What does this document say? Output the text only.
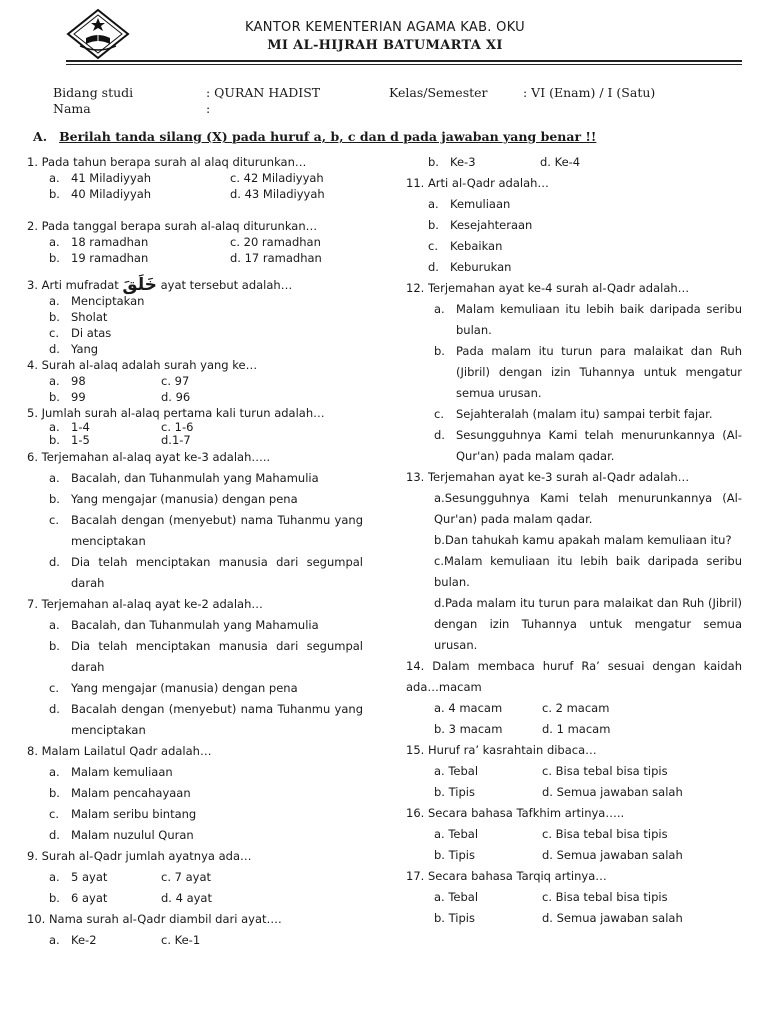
KANTOR KEMENTERIAN AGAMA KAB. OKU
MI AL-HIJRAH BATUMARTA XI
Bidang studi	: QURAN HADIST
Nama	:
Kelas/Semester	: VI (Enam) / I (Satu)
A. Berilah tanda silang (X) pada huruf a, b, c dan d pada jawaban yang benar !!
1. Pada tahun berapa surah al alaq diturunkan…
a. 41 Miladiyyah	c. 42 Miladiyyah
b. 40 Miladiyyah	d. 43 Miladiyyah
2. Pada tanggal berapa surah al-alaq diturunkan…
a. 18 ramadhan	c. 20 ramadhan
b. 19 ramadhan	d. 17 ramadhan
3. Arti mufradat خَلَقَ ayat tersebut adalah…
a. Menciptakan
b. Sholat
c.	Di atas
d. Yang
4. Surah al-alaq adalah surah yang ke…
a. 98	c. 97
b. 99	d. 96
5. Jumlah surah al-alaq pertama kali turun adalah…
a. 1-4	c. 1-6
b. 1-5	d.1-7
6. Terjemahan al-alaq ayat ke-3 adalah…..
a. Bacalah, dan Tuhanmulah yang Mahamulia
b. Yang mengajar (manusia) dengan pena
c.	Bacalah dengan (menyebut) nama Tuhanmu yang menciptakan
d. Dia telah menciptakan manusia dari segumpal darah
7. Terjemahan al-alaq ayat ke-2 adalah…
a. Bacalah, dan Tuhanmulah yang Mahamulia
b. Dia telah menciptakan manusia dari segumpal darah
c.	Yang mengajar (manusia) dengan pena
d. Bacalah dengan (menyebut) nama Tuhanmu yang menciptakan
8. Malam Lailatul Qadr adalah…
a. Malam kemuliaan
b. Malam pencahayaan
c.	Malam seribu bintang
d. Malam nuzulul Quran
9. Surah al-Qadr jumlah ayatnya ada…
a. 5 ayat	c. 7 ayat
b. 6 ayat	d. 4 ayat
10. Nama surah al-Qadr diambil dari ayat….
a. Ke-2	c. Ke-1
b. Ke-3	d. Ke-4
11. Arti al-Qadr adalah…
a. Kemuliaan
b. Kesejahteraan
c.	Kebaikan
d. Keburukan
12. Terjemahan ayat ke-4 surah al-Qadr adalah…
a. Malam kemuliaan itu lebih baik daripada seribu bulan.
b. Pada malam itu turun para malaikat dan Ruh (Jibril) dengan izin Tuhannya untuk mengatur semua urusan.
c.	Sejahteralah (malam itu) sampai terbit fajar.
d. Sesungguhnya Kami telah menurunkannya (Al-Qur'an) pada malam qadar.
13. Terjemahan ayat ke-3 surah al-Qadr adalah…
a.Sesungguhnya Kami telah menurunkannya (Al-Qur'an) pada malam qadar.
b.Dan tahukah kamu apakah malam kemuliaan itu?
c.Malam kemuliaan itu lebih baik daripada seribu bulan.
d.Pada malam itu turun para malaikat dan Ruh (Jibril) dengan izin Tuhannya untuk mengatur semua urusan.
14. Dalam membaca huruf Ra’ sesuai dengan kaidah ada…macam
a. 4 macam	c. 2 macam
b. 3 macam	d. 1 macam
15. Huruf ra’ kasrahtain dibaca…
a. Tebal	c. Bisa tebal bisa tipis
b. Tipis	d. Semua jawaban salah
16. Secara bahasa Tafkhim artinya…..
a. Tebal	c. Bisa tebal bisa tipis
b. Tipis	d. Semua jawaban salah
17. Secara bahasa Tarqiq artinya…
a. Tebal	c. Bisa tebal bisa tipis
b. Tipis	d. Semua jawaban salah
